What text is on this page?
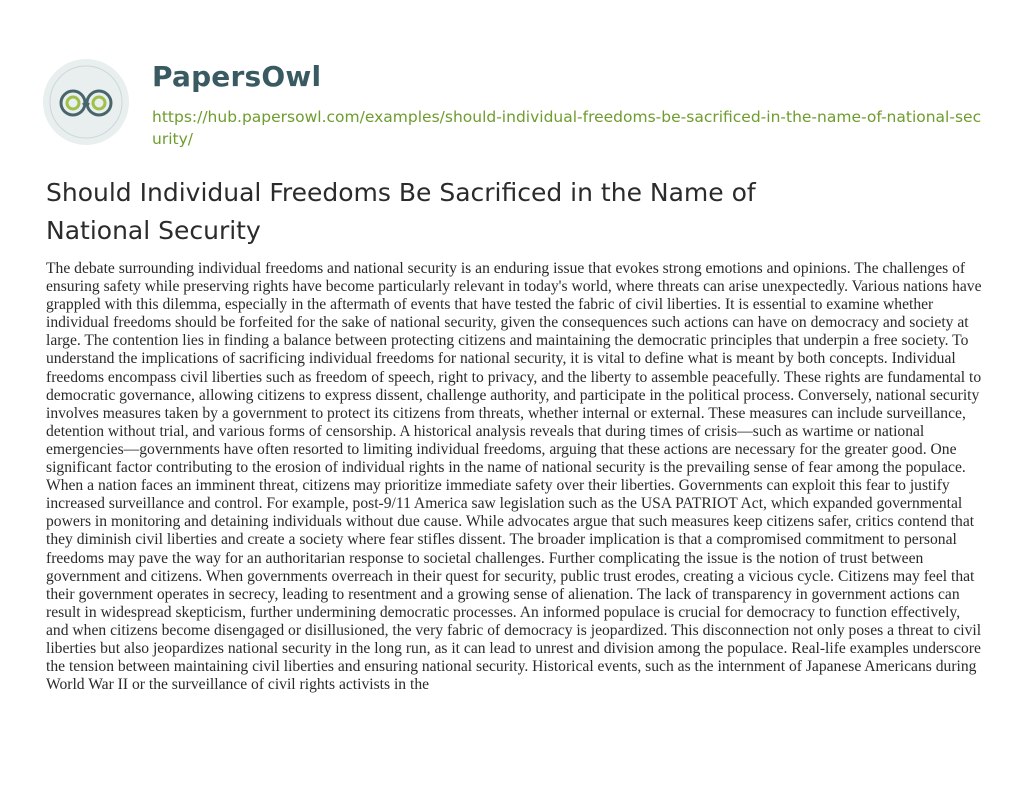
PapersOwl
https://hub.papersowl.com/examples/should-individual-freedoms-be-sacrificed-in-the-name-of-national-security/
Should Individual Freedoms Be Sacrificed in the Name of National Security

The debate surrounding individual freedoms and national security is an enduring issue that evokes strong emotions and opinions. The challenges of ensuring safety while preserving rights have become particularly relevant in today's world, where threats can arise unexpectedly. Various nations have grappled with this dilemma, especially in the aftermath of events that have tested the fabric of civil liberties. It is essential to examine whether individual freedoms should be forfeited for the sake of national security, given the consequences such actions can have on democracy and society at large. The contention lies in finding a balance between protecting citizens and maintaining the democratic principles that underpin a free society. To understand the implications of sacrificing individual freedoms for national security, it is vital to define what is meant by both concepts. Individual freedoms encompass civil liberties such as freedom of speech, right to privacy, and the liberty to assemble peacefully. These rights are fundamental to democratic governance, allowing citizens to express dissent, challenge authority, and participate in the political process. Conversely, national security involves measures taken by a government to protect its citizens from threats, whether internal or external. These measures can include surveillance, detention without trial, and various forms of censorship. A historical analysis reveals that during times of crisis—such as wartime or national emergencies—governments have often resorted to limiting individual freedoms, arguing that these actions are necessary for the greater good. One significant factor contributing to the erosion of individual rights in the name of national security is the prevailing sense of fear among the populace. When a nation faces an imminent threat, citizens may prioritize immediate safety over their liberties. Governments can exploit this fear to justify increased surveillance and control. For example, post-9/11 America saw legislation such as the USA PATRIOT Act, which expanded governmental powers in monitoring and detaining individuals without due cause. While advocates argue that such measures keep citizens safer, critics contend that they diminish civil liberties and create a society where fear stifles dissent. The broader implication is that a compromised commitment to personal freedoms may pave the way for an authoritarian response to societal challenges. Further complicating the issue is the notion of trust between government and citizens. When governments overreach in their quest for security, public trust erodes, creating a vicious cycle. Citizens may feel that their government operates in secrecy, leading to resentment and a growing sense of alienation. The lack of transparency in government actions can result in widespread skepticism, further undermining democratic processes. An informed populace is crucial for democracy to function effectively, and when citizens become disengaged or disillusioned, the very fabric of democracy is jeopardized. This disconnection not only poses a threat to civil liberties but also jeopardizes national security in the long run, as it can lead to unrest and division among the populace. Real-life examples underscore the tension between maintaining civil liberties and ensuring national security. Historical events, such as the internment of Japanese Americans during World War II or the surveillance of civil rights activists in the
